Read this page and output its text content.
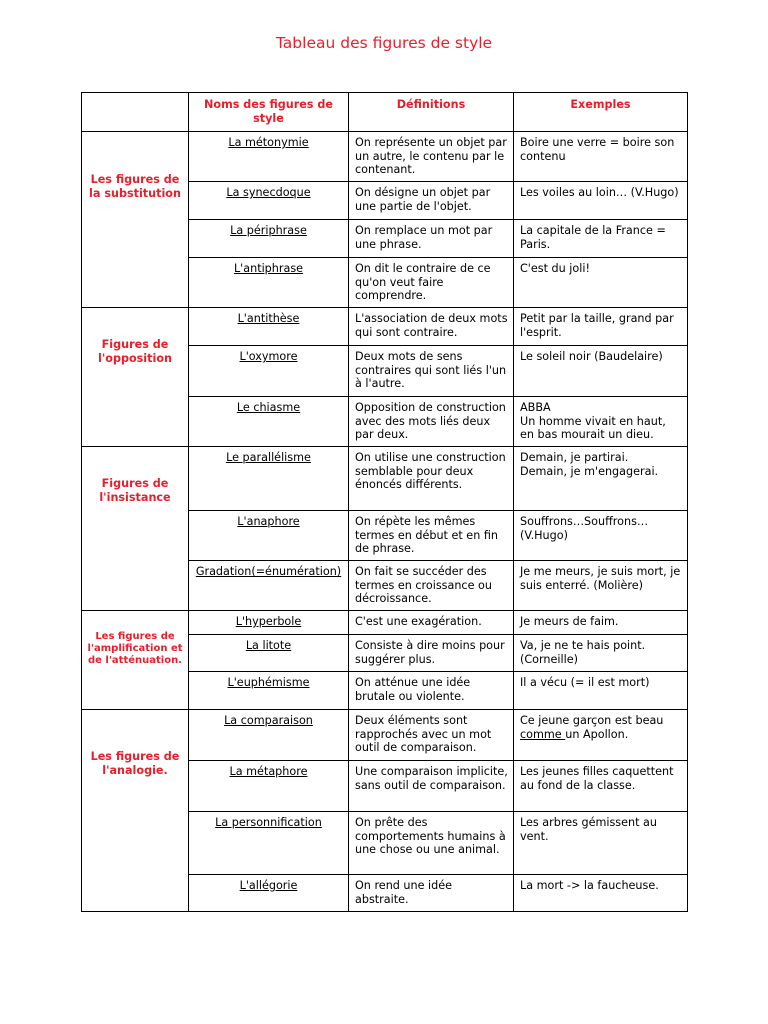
Tableau des figures de style
	Noms des figures de style	Définitions	Exemples
Les figures de la substitution	La métonymie	On représente un objet par un autre, le contenu par le contenant.	Boire une verre = boire son contenu
	La synecdoque	On désigne un objet par une partie de l'objet.	Les voiles au loin… (V.Hugo)
	La périphrase	On remplace un mot par une phrase.	La capitale de la France = Paris.
	L'antiphrase	On dit le contraire de ce qu'on veut faire comprendre.	C'est du joli!
Figures de l'opposition	L'antithèse	L'association de deux mots qui sont contraire.	Petit par la taille, grand par l'esprit.
	L'oxymore	Deux mots de sens contraires qui sont liés l'un à l'autre.	Le soleil noir (Baudelaire)
	Le chiasme	Opposition de construction avec des mots liés deux par deux.	ABBA
Un homme vivait en haut, en bas mourait un dieu.

Figures de l'insistance	Le parallélisme	On utilise une construction semblable pour deux énoncés différents.	Demain, je partirai.
Demain, je m'engagerai.

	L'anaphore	On répète les mêmes termes en début et en fin de phrase.	Souffrons…Souffrons… (V.Hugo)
	Gradation(=énumération)	On fait se succéder des termes en croissance ou décroissance.	Je me meurs, je suis mort, je suis enterré. (Molière)
Les figures de l'amplification et de l'atténuation.	L'hyperbole	C'est une exagération.	Je meurs de faim.
	La litote	Consiste à dire moins pour suggérer plus.	Va, je ne te hais point. (Corneille)
	L'euphémisme	On atténue une idée brutale ou violente.	Il a vécu (= il est mort)
Les figures de l'analogie.	La comparaison	Deux éléments sont rapprochés avec un mot outil de comparaison.	Ce jeune garçon est beau comme un Apollon.
	La métaphore	Une comparaison implicite, sans outil de comparaison.	Les jeunes filles caquettent au fond de la classe.
	La personnification	On prête des comportements humains à une chose ou une animal.	Les arbres gémissent au vent.
	L'allégorie	On rend une idée abstraite.	La mort -> la faucheuse.
